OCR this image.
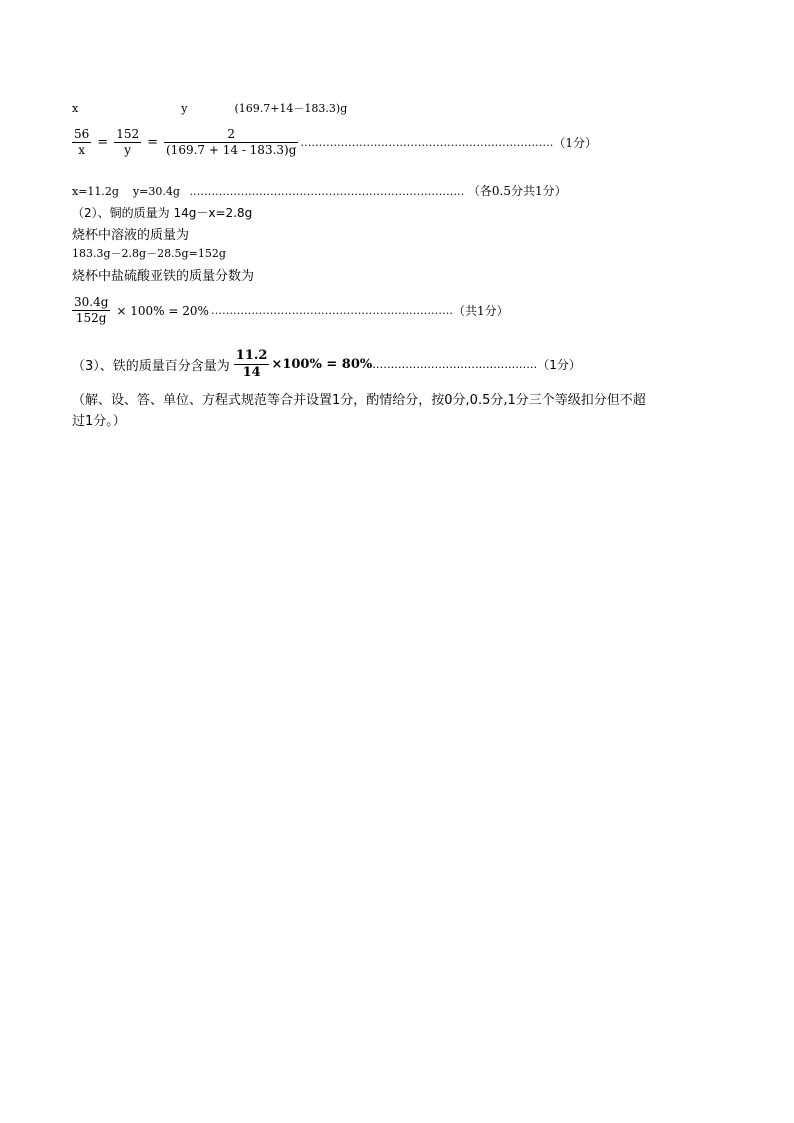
x	y	(169.7+14－183.3)g
$\frac{56}{x} = \frac{152}{y} = \frac{2}{(169.7 + 14 - 183.3)g}$ …………………………………………………………… （1分）
x=11.2g    y=30.4g ………………………………………………………………… （各0.5分共1分）
（2）、铜的质量为 14g－x=2.8g
烧杯中溶液的质量为
183.3g－2.8g－28.5g=152g
烧杯中盐硫酸亚铁的质量分数为
$\frac{30.4g}{152g} \times 100\% = 20\%$ ………………………………………………………… （共1分）
（3）、铁的质量百分含量为 $\frac{11.2}{14} \times 100\% = 80\%$ ……………………………………… （1分）
（解、设、答、单位、方程式规范等合并设置1分，酌情给分，按0分,0.5分,1分三个等级扣分但不超
过1分。）
